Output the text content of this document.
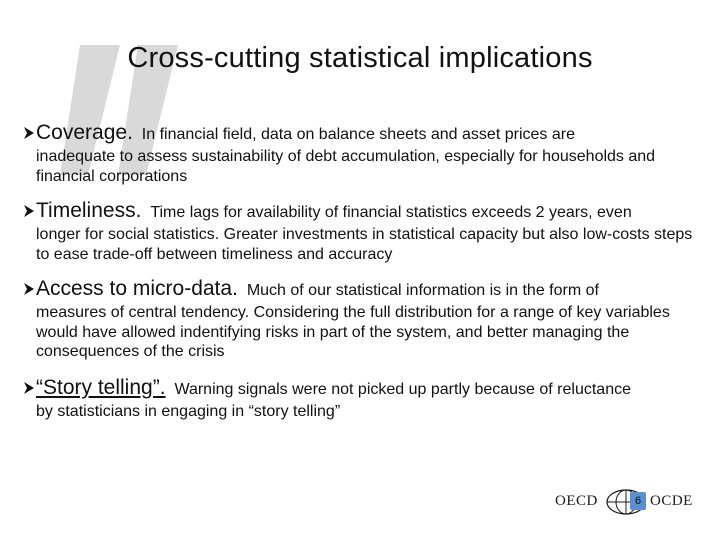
Cross-cutting statistical implications
Coverage. In financial field, data on balance sheets and asset prices are
inadequate to assess sustainability of debt accumulation, especially for households and financial corporations
Timeliness. Time lags for availability of financial statistics exceeds 2 years, even
longer for social statistics. Greater investments in statistical capacity but also low-costs steps to ease trade-off between timeliness and accuracy
Access to micro-data. Much of our statistical information is in the form of
measures of central tendency. Considering the full distribution for a range of key variables would have allowed indentifying risks in part of the system, and better managing the consequences of the crisis
“Story telling”. Warning signals were not picked up partly because of reluctance
by statisticians in engaging in “story telling”
OECD	6 OCDE
